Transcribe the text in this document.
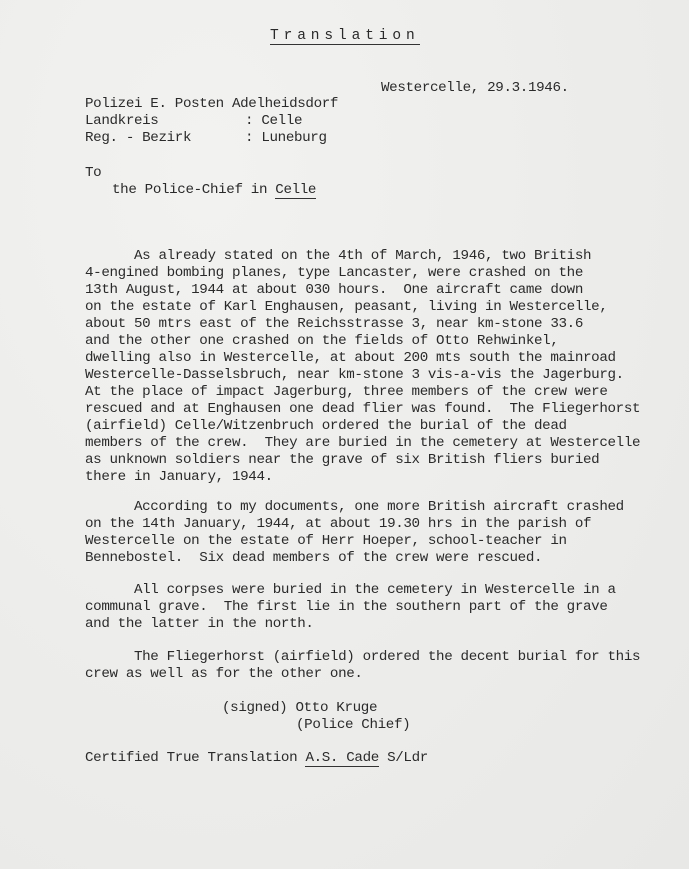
Translation
Westercelle, 29.3.1946.
Polizei E. Posten Adelheidsdorf
Landkreis	: Celle
Reg. - Bezirk	: Luneburg
To
the Police-Chief in Celle
As already stated on the 4th of March, 1946, two British
4-engined bombing planes, type Lancaster, were crashed on the
13th August, 1944 at about 030 hours.  One aircraft came down
on the estate of Karl Enghausen, peasant, living in Westercelle,
about 50 mtrs east of the Reichsstrasse 3, near km-stone 33.6
and the other one crashed on the fields of Otto Rehwinkel,
dwelling also in Westercelle, at about 200 mts south the mainroad
Westercelle-Dasselsbruch, near km-stone 3 vis-a-vis the Jagerburg.
At the place of impact Jagerburg, three members of the crew were
rescued and at Enghausen one dead flier was found.  The Fliegerhorst
(airfield) Celle/Witzenbruch ordered the burial of the dead
members of the crew.  They are buried in the cemetery at Westercelle
as unknown soldiers near the grave of six British fliers buried
there in January, 1944.
According to my documents, one more British aircraft crashed
on the 14th January, 1944, at about 19.30 hrs in the parish of
Westercelle on the estate of Herr Hoeper, school-teacher in
Bennebostel.  Six dead members of the crew were rescued.
All corpses were buried in the cemetery in Westercelle in a
communal grave.  The first lie in the southern part of the grave
and the latter in the north.
The Fliegerhorst (airfield) ordered the decent burial for this
crew as well as for the other one.
(signed) Otto Kruge
(Police Chief)
Certified True Translation A.S. Cade S/Ldr
